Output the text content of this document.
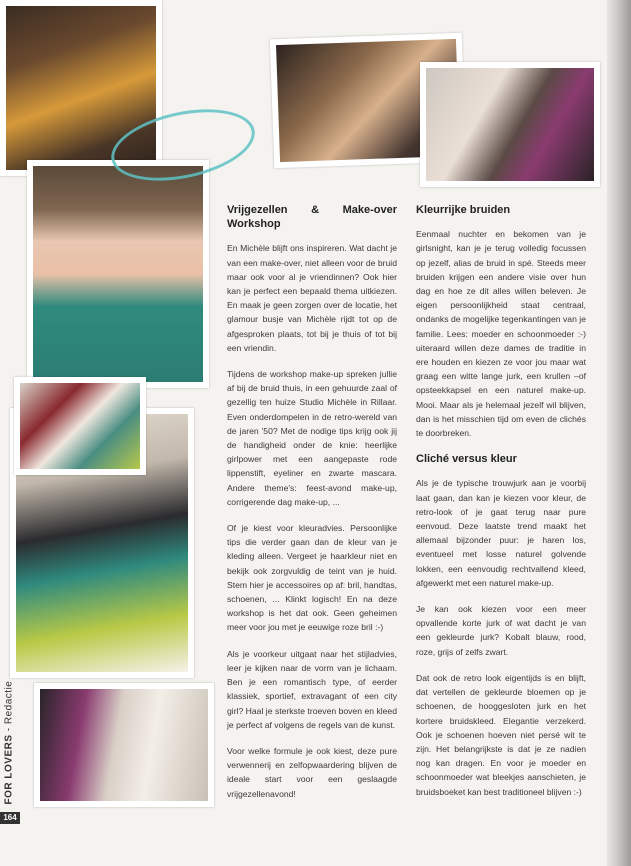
Vrijgezellen & Make-over Workshop

En Michèle blijft ons inspireren. Wat dacht je van een make-over, niet alleen voor de bruid maar ook voor al je vriendinnen? Ook hier kan je perfect een bepaald thema uitkiezen. En maak je geen zorgen over de locatie, het glamour busje van Michèle rijdt tot op de afgesproken plaats, tot bij je thuis of tot bij een vriendin.

Tijdens de workshop make-up spreken jullie af bij de bruid thuis, in een gehuurde zaal of gezellig ten huize Studio Michèle in Rillaar. Even onderdompelen in de retro-wereld van de jaren '50? Met de nodige tips krijg ook jij de handigheid onder de knie: heerlijke girlpower met een aangepaste rode lippenstift, eyeliner en zwarte mascara. Andere theme's: feest-avond make-up, corrigerende dag make-up, ...

Of je kiest voor kleuradvies. Persoonlijke tips die verder gaan dan de kleur van je kleding alleen. Vergeet je haarkleur niet en bekijk ook zorgvuldig de teint van je huid. Stem hier je accessoires op af: bril, handtas, schoenen, ... Klinkt logisch! En na deze workshop is het dat ook. Geen geheimen meer voor jou met je eeuwige roze bril :-)

Als je voorkeur uitgaat naar het stijladvies, leer je kijken naar de vorm van je lichaam. Ben je een romantisch type, of eerder klassiek, sportief, extravagant of een city girl? Haal je sterkste troeven boven en kleed je perfect af volgens de regels van de kunst.

Voor welke formule je ook kiest, deze pure verwennerij en zelfopwaardering blijven de ideale start voor een geslaagde vrijgezellenavond!

Kleurrijke bruiden

Eenmaal nuchter en bekomen van je girlsnight, kan je je terug volledig focussen op jezelf, alias de bruid in spé. Steeds meer bruiden krijgen een andere visie over hun dag en hoe ze dit alles willen beleven. Je eigen persoonlijkheid staat centraal, ondanks de mogelijke tegenkantingen van je familie. Lees: moeder en schoonmoeder :-) uiteraard willen deze dames de traditie in ere houden en kiezen ze voor jou maar wat graag een witte lange jurk, een krullen –of opsteekkapsel en een naturel make-up. Mooi. Maar als je helemaal jezelf wil blijven, dan is het misschien tijd om even de clichés te doorbreken.

Cliché versus kleur

Als je de typische trouwjurk aan je voorbij laat gaan, dan kan je kiezen voor kleur, de retro-look of je gaat terug naar pure eenvoud. Deze laatste trend maakt het allemaal bijzonder puur: je haren los, eventueel met losse naturel golvende lokken, een eenvoudig rechtvallend kleed, afgewerkt met een naturel make-up.

Je kan ook kiezen voor een meer opvallende korte jurk of wat dacht je van een gekleurde jurk? Kobalt blauw, rood, roze, grijs of zelfs zwart.

Dat ook de retro look eigentijds is en blijft, dat vertellen de gekleurde bloemen op je schoenen, de hooggesloten jurk en het kortere bruidskleed. Elegantie verzekerd. Ook je schoenen hoeven niet persé wit te zijn. Het belangrijkste is dat je ze nadien nog kan dragen. En voor je moeder en schoonmoeder wat bleekjes aanschieten, je bruidsboeket kan best traditioneel blijven :-)

FOR LOVERS - Redactie
164
